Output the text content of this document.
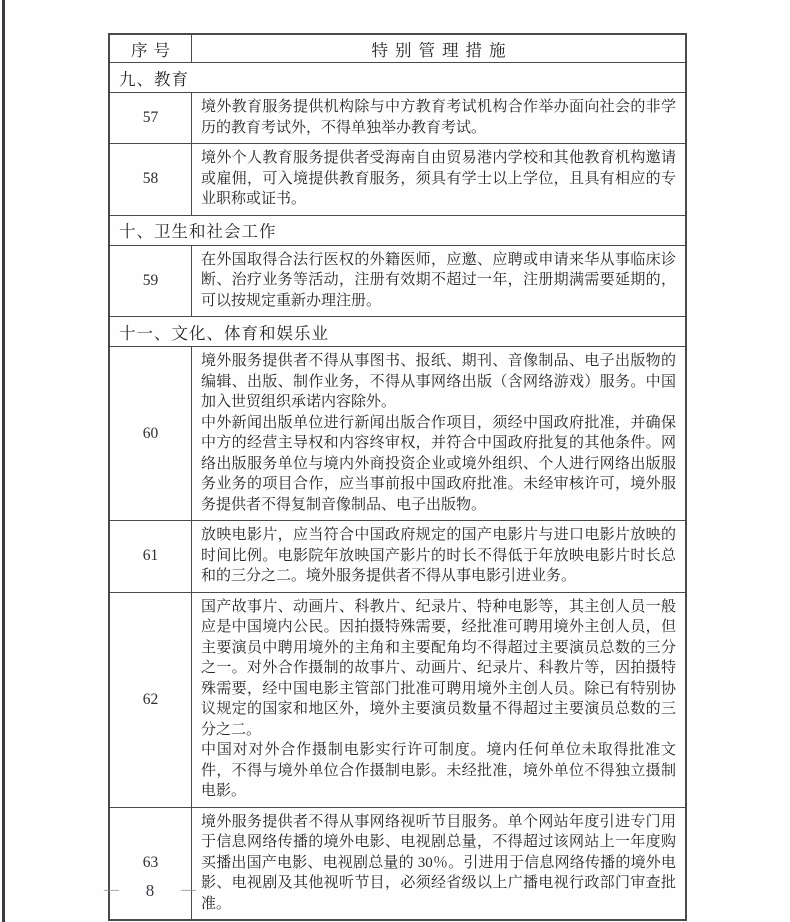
序号	特别管理措施
九、教育	
57	境外教育服务提供机构除与中方教育考试机构合作举办面向社会的非学历的教育考试外，不得单独举办教育考试。

58	境外个人教育服务提供者受海南自由贸易港内学校和其他教育机构邀请或雇佣，可入境提供教育服务，须具有学士以上学位，且具有相应的专业职称或证书。

十、卫生和社会工作	
59	在外国取得合法行医权的外籍医师，应邀、应聘或申请来华从事临床诊断、治疗业务等活动，注册有效期不超过一年，注册期满需要延期的，可以按规定重新办理注册。

十一、文化、体育和娱乐业	
60	境外服务提供者不得从事图书、报纸、期刊、音像制品、电子出版物的编辑、出版、制作业务，不得从事网络出版（含网络游戏）服务。中国加入世贸组织承诺内容除外。

中外新闻出版单位进行新闻出版合作项目，须经中国政府批准，并确保中方的经营主导权和内容终审权，并符合中国政府批复的其他条件。网络出版服务单位与境内外商投资企业或境外组织、个人进行网络出版服务业务的项目合作，应当事前报中国政府批准。未经审核许可，境外服务提供者不得复制音像制品、电子出版物。

61	放映电影片，应当符合中国政府规定的国产电影片与进口电影片放映的时间比例。电影院年放映国产影片的时长不得低于年放映电影片时长总和的三分之二。境外服务提供者不得从事电影引进业务。

62	国产故事片、动画片、科教片、纪录片、特种电影等，其主创人员一般应是中国境内公民。因拍摄特殊需要，经批准可聘用境外主创人员，但主要演员中聘用境外的主角和主要配角均不得超过主要演员总数的三分之一。对外合作摄制的故事片、动画片、纪录片、科教片等，因拍摄特殊需要，经中国电影主管部门批准可聘用境外主创人员。除已有特别协议规定的国家和地区外，境外主要演员数量不得超过主要演员总数的三分之二。

中国对对外合作摄制电影实行许可制度。境内任何单位未取得批准文件，不得与境外单位合作摄制电影。未经批准，境外单位不得独立摄制电影。

63	境外服务提供者不得从事网络视听节目服务。单个网站年度引进专门用于信息网络传播的境外电影、电视剧总量，不得超过该网站上一年度购买播出国产电影、电视剧总量的 30％。引进用于信息网络传播的境外电影、电视剧及其他视听节目，必须经省级以上广播电视行政部门审查批准。

— 8 —
